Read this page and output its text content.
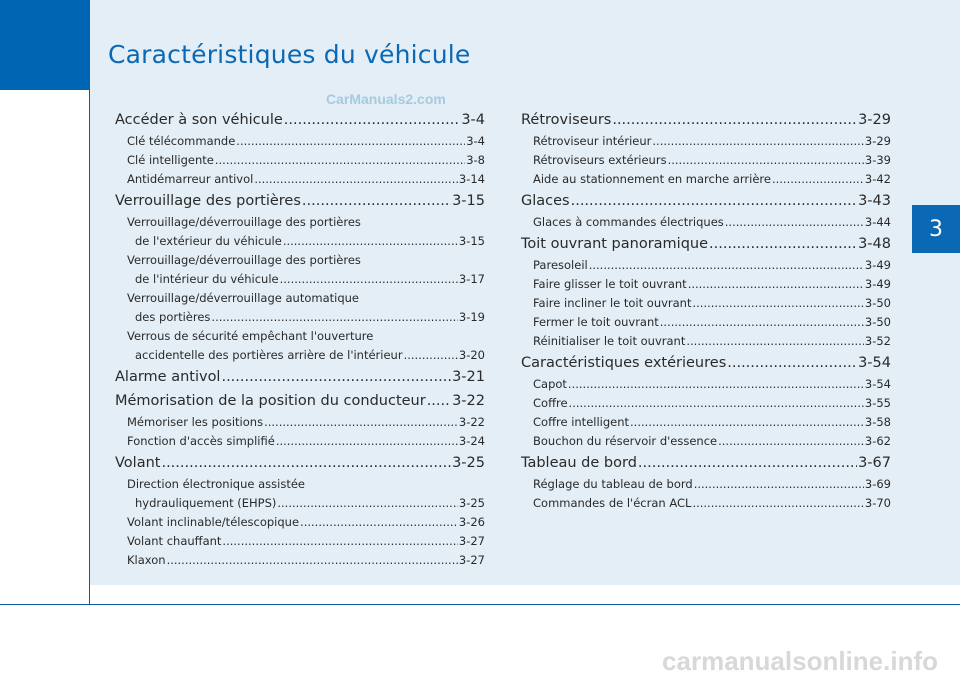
Caractéristiques du véhicule
CarManuals2.com
3
Accéder à son véhicule .....	3-4
Clé télécommande .....	3-4
Clé intelligente .....	3-8
Antidémarreur antivol .....	3-14
Verrouillage des portières .....	3-15
Verrouillage/déverrouillage des portières
de l'extérieur du véhicule .....	3-15
Verrouillage/déverrouillage des portières
de l'intérieur du véhicule .....	3-17
Verrouillage/déverrouillage automatique
des portières .....	3-19
Verrous de sécurité empêchant l'ouverture
accidentelle des portières arrière de l'intérieur .....	3-20
Alarme antivol .....	3-21
Mémorisation de la position du conducteur ..... 3-22
Mémoriser les positions .....	3-22
Fonction d'accès simplifié .....	3-24
Volant .....	3-25
Direction électronique assistée
hydrauliquement (EHPS) .....	3-25
Volant inclinable/télescopique .....	3-26
Volant chauffant .....	3-27
Klaxon .....	3-27
Rétroviseurs .....	3-29
Rétroviseur intérieur .....	3-29
Rétroviseurs extérieurs .....	3-39
Aide au stationnement en marche arrière .....	3-42
Glaces .....	3-43
Glaces à commandes électriques .....	3-44
Toit ouvrant panoramique .....	3-48
Paresoleil .....	3-49
Faire glisser le toit ouvrant .....	3-49
Faire incliner le toit ouvrant .....	3-50
Fermer le toit ouvrant .....	3-50
Réinitialiser le toit ouvrant .....	3-52
Caractéristiques extérieures .....	3-54
Capot .....	3-54
Coffre .....	3-55
Coffre intelligent .....	3-58
Bouchon du réservoir d'essence .....	3-62
Tableau de bord .....	3-67
Réglage du tableau de bord .....	3-69
Commandes de l'écran ACL .....	3-70
carmanualsonline.info
